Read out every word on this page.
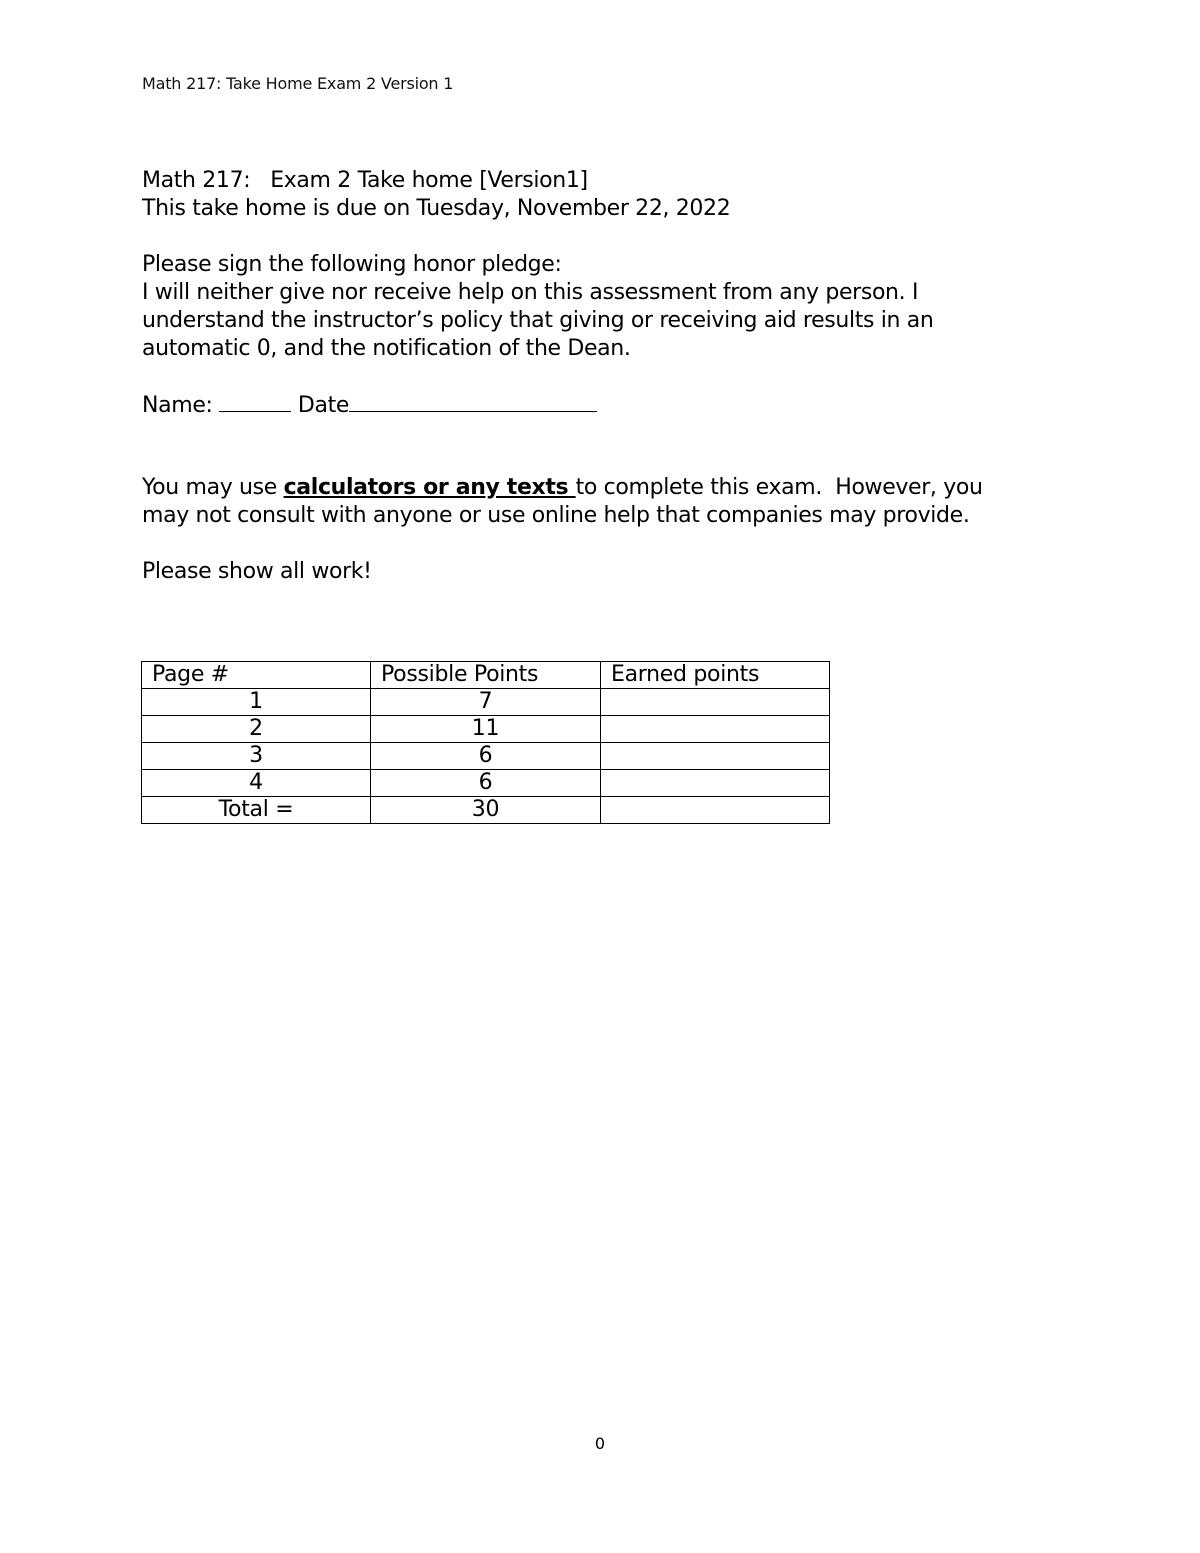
Math 217: Take Home Exam 2 Version 1

Math 217:   Exam 2 Take home [Version1]

This take home is due on Tuesday, November 22, 2022

Please sign the following honor pledge:

I will neither give nor receive help on this assessment from any person. I understand the instructor’s policy that giving or receiving aid results in an automatic 0, and the notification of the Dean.

Name:	Date

You may use calculators or any texts to complete this exam.  However, you may not consult with anyone or use online help that companies may provide.

Please show all work!

Page #	Possible Points	Earned points
1	7	
2	11	
3	6	
4	6	
Total =	30	
0
